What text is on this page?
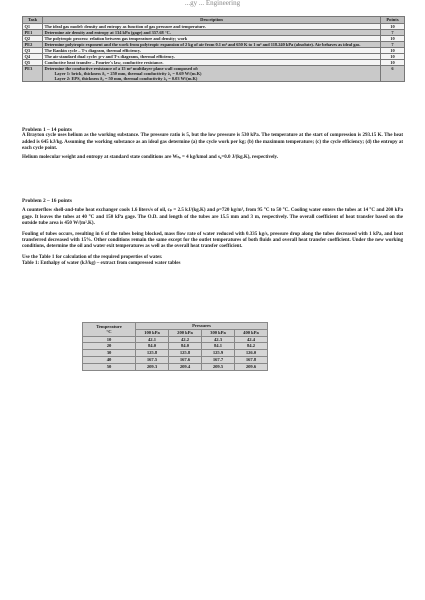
...gy ... Engineering
Task	Description	Points
Q1	The ideal gas model: density and entropy as function of gas pressure and temperature.	10
PE1	Determine air density and entropy at 134 kPa (gage) and 357.68 °C.	7
Q2	The polytropic process: relation between gas temperature and density; work	10
PE2	Determine polytropic exponent and the work from polytropic expansion of 2 kg of air from 0.1 m³ and 650 K to 1 m³ and 118.240 kPa (absolute). Air behaves as ideal gas.	7
Q3	The Rankin cycle – T-s diagram, thermal efficiency.	10
Q4	The air standard dual cycle: p-v and T-s diagrams, thermal efficiency.	10
Q5	Conductive heat transfer – Fourier's law, conductive resistance.	10
PE3	Determine the conductive resistance of a 15 m² multilayer plane wall composed of:
Layer 1: brick, thickness δ₁ = 250 mm, thermal conductivity λ₁ = 0.69 W/(m.K)
Layer 2: EPS, thickness δ₂ = 50 mm, thermal conductivity λ₂ = 0.03 W/(m.K)	6

Problem 1 – 14 points

A Brayton cycle uses helium as the working substance. The pressure ratio is 5, but the low pressure is 530 kPa. The temperature at the start of compression is 293.15 K. The heat added is 645 kJ/kg. Assuming the working substance as an ideal gas determine (a) the cycle work per kg; (b) the maximum temperature; (c) the cycle efficiency; (d) the entropy at each cycle point.

Helium molecular weight and entropy at standard state conditions are Wₕₑ = 4 kg/kmol and s₀=0.0 J/(kg.K), respectively.

Problem 2 – 16 points

A counterflow shell-and-tube heat exchanger cools 1.6 liters/s of oil, cₚ = 2.5 kJ/(kg.K) and ρ=720 kg/m³, from 95 °C to 50 °C. Cooling water enters the tubes at 14 °C and 200 kPa gage. It leaves the tubes at 40 °C and 150 kPa gage. The O.D. and length of the tubes are 15.5 mm and 3 m, respectively. The overall coefficient of heat transfer based on the outside tube area is 450 W/(m².K).

Fouling of tubes occurs, resulting in 6 of the tubes being blocked, mass flow rate of water reduced with 0.335 kg/s, pressure drop along the tubes decreased with 1 kPa, and heat transferred decreased with 15%. Other conditions remain the same except for the outlet temperatures of both fluids and overall heat transfer coefficient. Under the new working conditions, determine the oil and water exit temperatures as well as the overall heat transfer coefficient.

Use the Table 1 for calculation of the required properties of water.

Table 1: Enthalpy of water (kJ/kg) – extract from compressed water tables

Temperature
°C	Pressures			
	100 kPa	200 kPa	300 kPa	400 kPa
10	42.1	42.2	42.3	42.4
20	84.0	84.0	84.1	84.2
30	125.8	125.8	125.9	126.0
40	167.5	167.6	167.7	167.8
50	209.3	209.4	209.5	209.6
